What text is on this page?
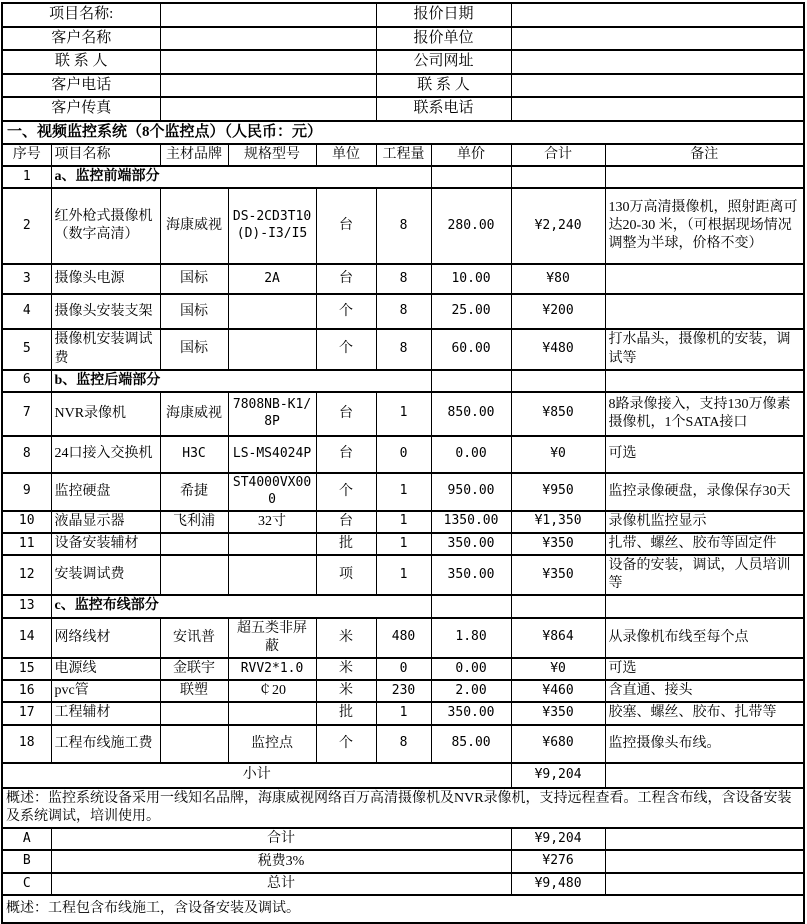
项目名称:					报价日期			
客户名称					报价单位			
联 系 人					公司网址			
客户电话					联 系 人			
客户传真					联系电话			
一、视频监控系统（8个监控点）（人民币：元）								
序号	项目名称	主材品牌	规格型号	单位	工程量	单价	合计	备注
1	a、监控前端部分							
2	红外枪式摄像机（数字高清）	海康威视	DS-2CD3T10(D)-I3/I5	台	8	280.00	¥2,240	130万高清摄像机，照射距离可达20-30 米，（可根据现场情况调整为半球，价格不变）
3	摄像头电源	国标	2A	台	8	10.00	¥80	
4	摄像头安装支架	国标		个	8	25.00	¥200	
5	摄像机安装调试费	国标		个	8	60.00	¥480	打水晶头，摄像机的安装，调试等
6	b、监控后端部分							
7	NVR录像机	海康威视	7808NB-K1/8P	台	1	850.00	¥850	8路录像接入，支持130万像素摄像机，1个SATA接口
8	24口接入交换机	H3C	LS-MS4024P	台	0	0.00	¥0	可选
9	监控硬盘	希捷	ST4000VX000	个	1	950.00	¥950	监控录像硬盘，录像保存30天
10	液晶显示器	飞利浦	32寸	台	1	1350.00	¥1,350	录像机监控显示
11	设备安装辅材			批	1	350.00	¥350	扎带、螺丝、胶布等固定件
12	安装调试费			项	1	350.00	¥350	设备的安装，调试，人员培训等
13	c、监控布线部分							
14	网络线材	安讯普	超五类非屏蔽	米	480	1.80	¥864	从录像机布线至每个点
15	电源线	金联宇	RVV2*1.0	米	0	0.00	¥0	可选
16	pvc管	联塑	￠20	米	230	2.00	¥460	含直通、接头
17	工程辅材			批	1	350.00	¥350	胶塞、螺丝、胶布、扎带等
18	工程布线施工费		监控点	个	8	85.00	¥680	监控摄像头布线。
小计							¥9,204	
概述：监控系统设备采用一线知名品牌，海康威视网络百万高清摄像机及NVR录像机，支持远程查看。工程含布线，含设备安装及系统调试，培训使用。								
A	合计						¥9,204	
B	税费3%						¥276	
C	总计						¥9,480	
概述：工程包含布线施工，含设备安装及调试。								
